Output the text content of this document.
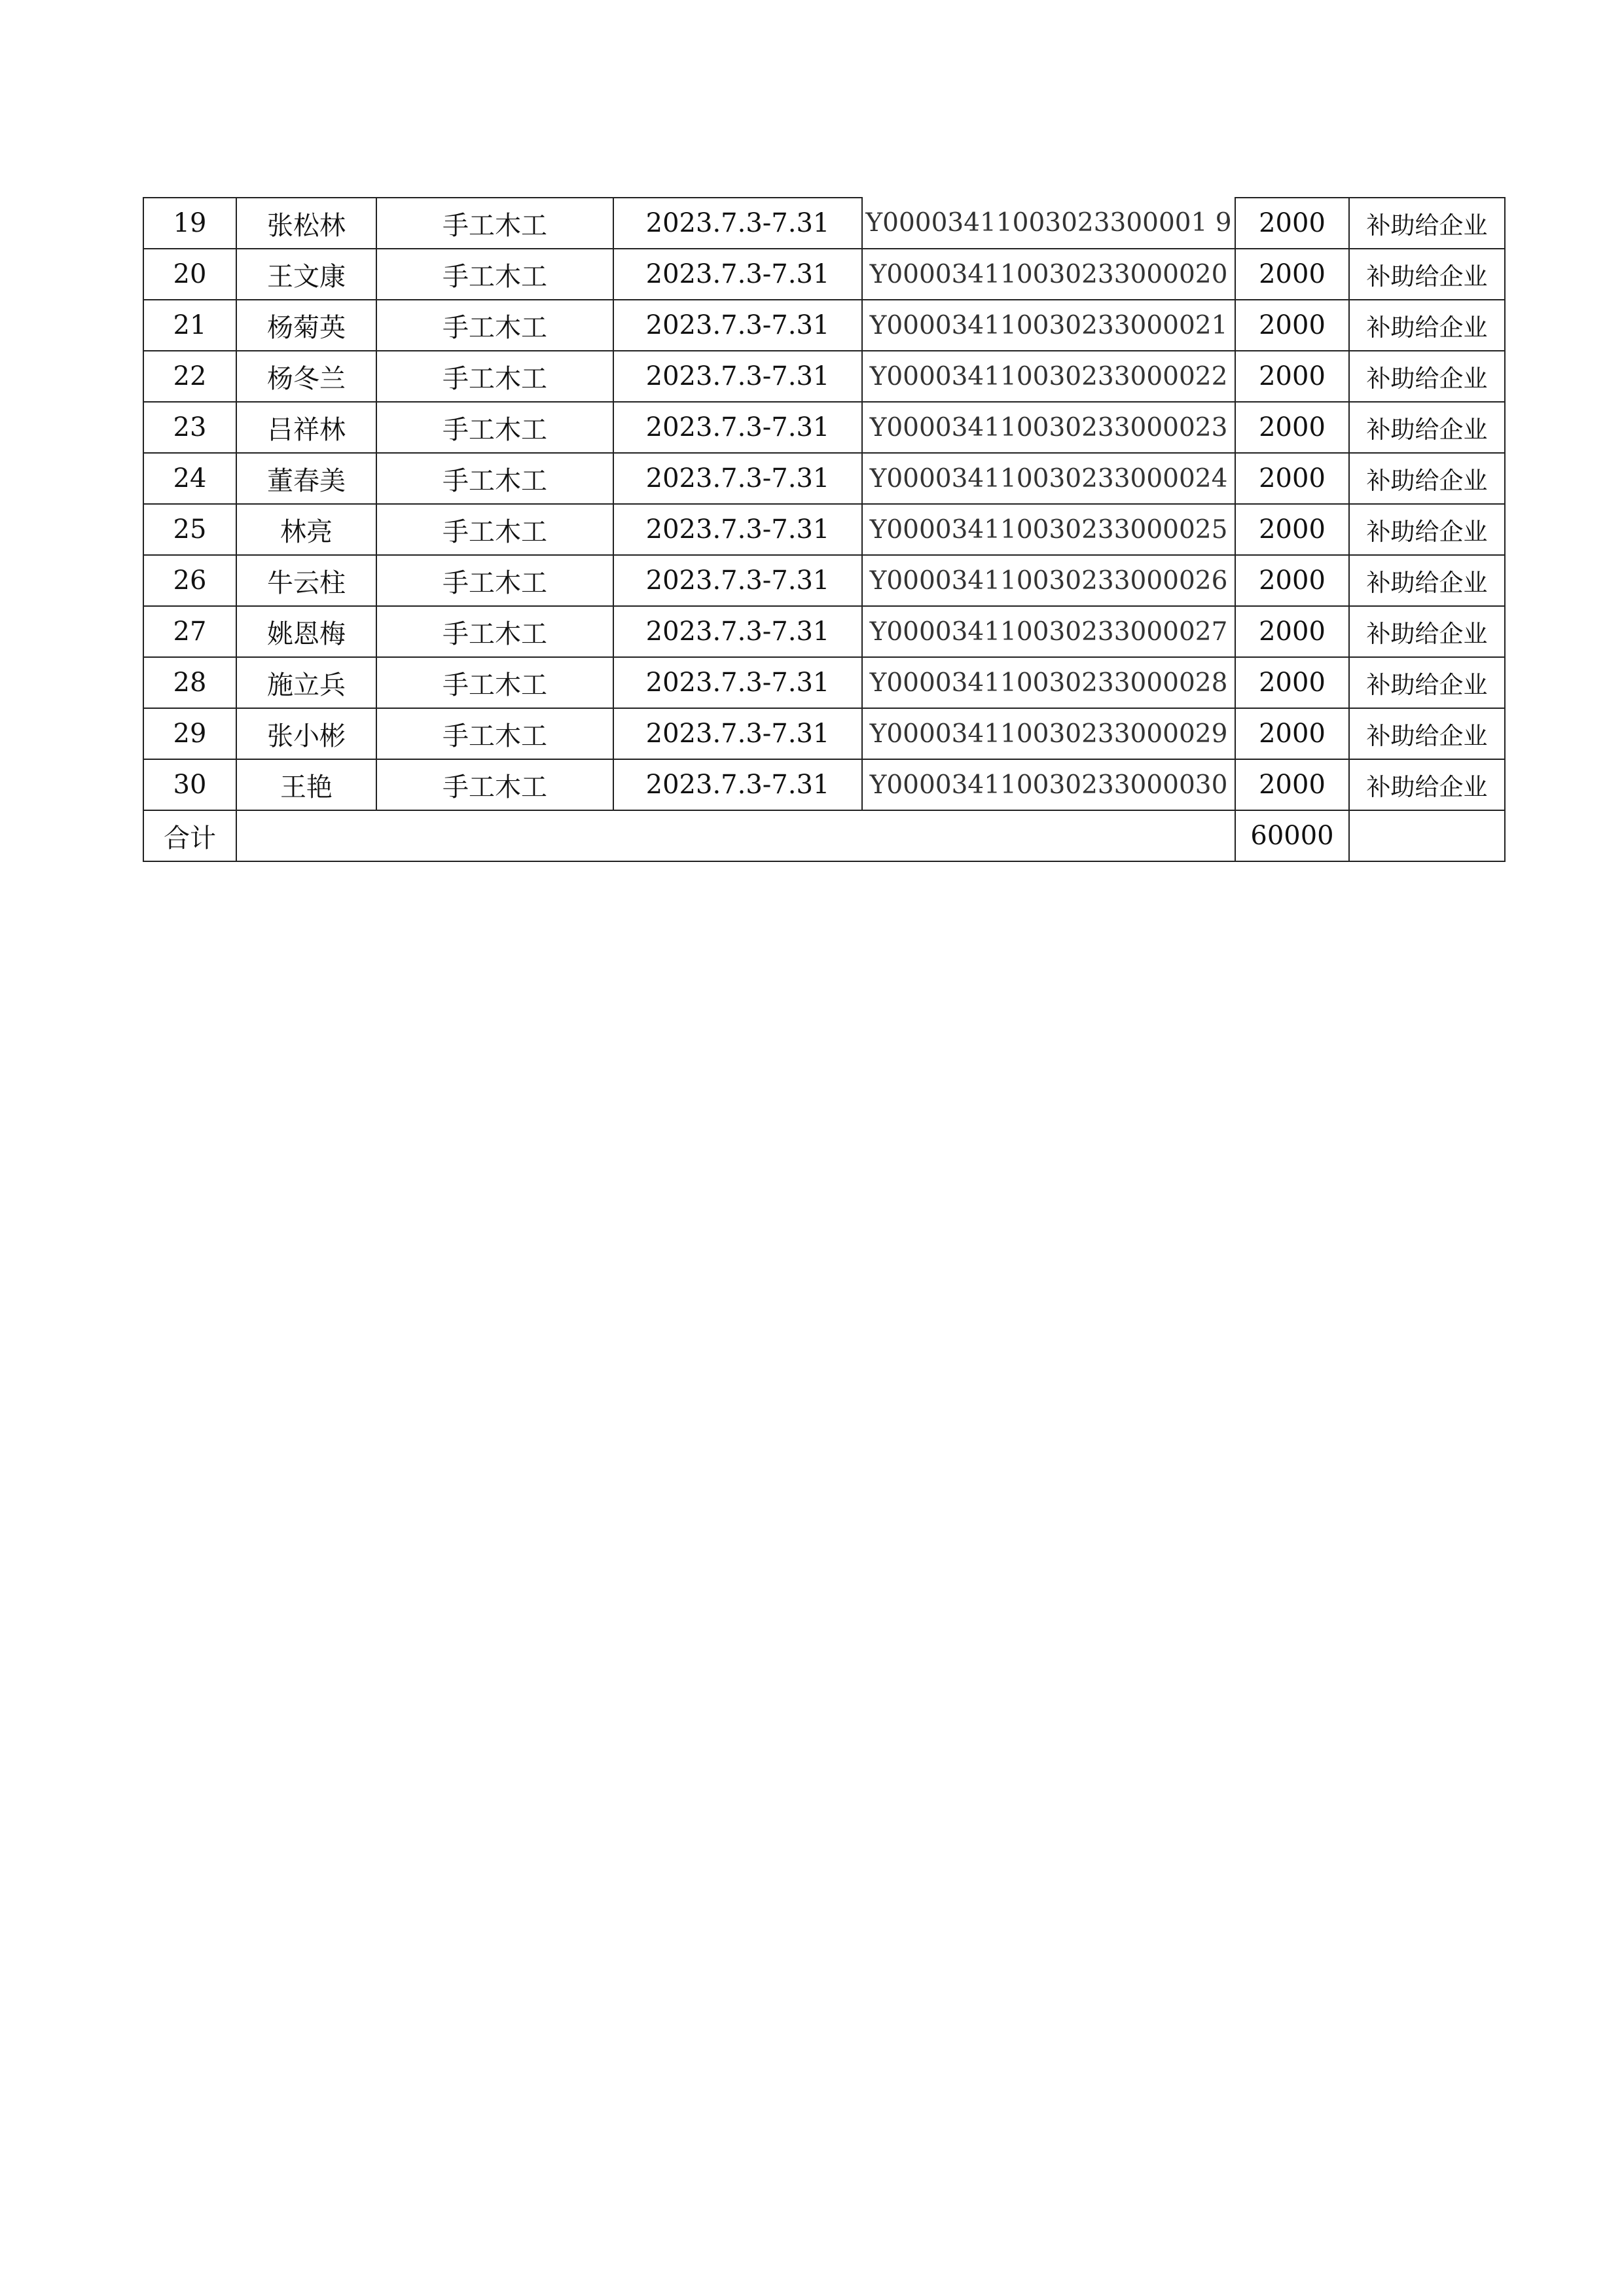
19	张松林	手工木工	2023.7.3-7.31	Y00003411003023300001 9	2000	补助给企业
20	王文康	手工木工	2023.7.3-7.31	Y000034110030233000020	2000	补助给企业
21	杨菊英	手工木工	2023.7.3-7.31	Y000034110030233000021	2000	补助给企业
22	杨冬兰	手工木工	2023.7.3-7.31	Y000034110030233000022	2000	补助给企业
23	吕祥林	手工木工	2023.7.3-7.31	Y000034110030233000023	2000	补助给企业
24	董春美	手工木工	2023.7.3-7.31	Y000034110030233000024	2000	补助给企业
25	林亮	手工木工	2023.7.3-7.31	Y000034110030233000025	2000	补助给企业
26	牛云柱	手工木工	2023.7.3-7.31	Y000034110030233000026	2000	补助给企业
27	姚恩梅	手工木工	2023.7.3-7.31	Y000034110030233000027	2000	补助给企业
28	施立兵	手工木工	2023.7.3-7.31	Y000034110030233000028	2000	补助给企业
29	张小彬	手工木工	2023.7.3-7.31	Y000034110030233000029	2000	补助给企业
30	王艳	手工木工	2023.7.3-7.31	Y000034110030233000030	2000	补助给企业
合计					60000	
